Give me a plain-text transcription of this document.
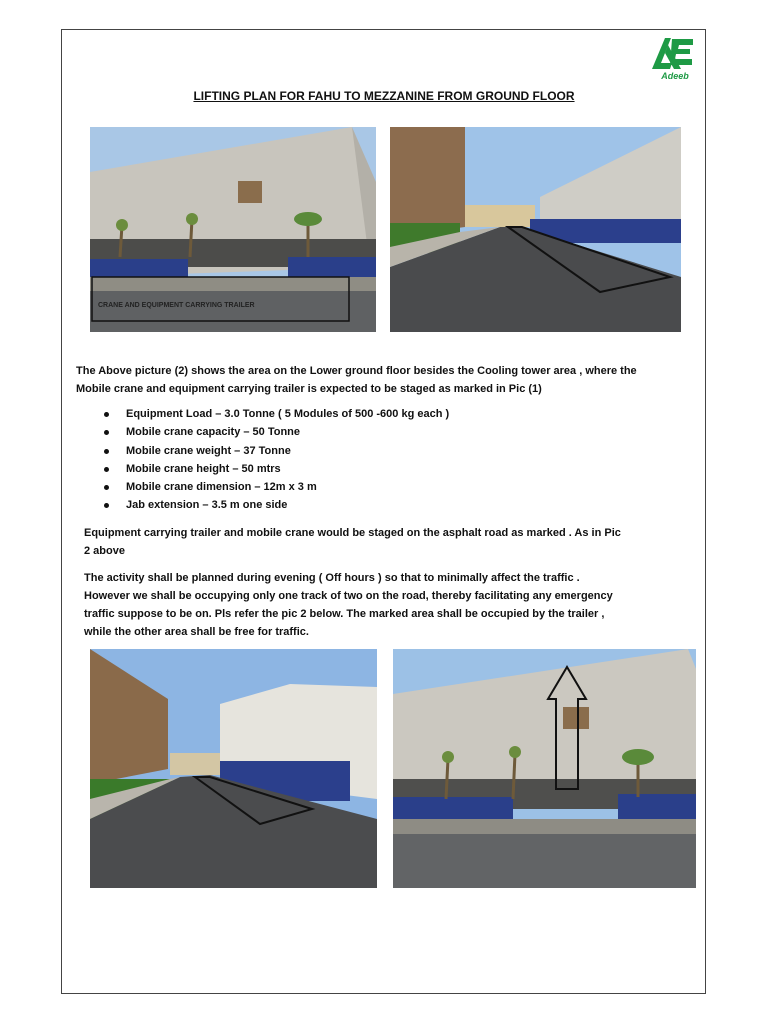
Adeeb
LIFTING PLAN FOR FAHU TO MEZZANINE FROM GROUND FLOOR
CRANE AND EQUIPMENT CARRYING TRAILER
The Above picture (2) shows the area on the Lower ground floor besides the Cooling tower area , where the
Mobile crane and equipment carrying trailer is expected to be staged as marked in Pic (1)
Equipment Load – 3.0 Tonne ( 5 Modules of 500 -600 kg each )
Mobile crane capacity – 50 Tonne
Mobile crane weight – 37 Tonne
Mobile crane height – 50 mtrs
Mobile crane dimension – 12m x 3 m
Jab extension – 3.5 m one side
Equipment carrying trailer and mobile crane would be staged on the asphalt road as marked . As in Pic
2 above
The activity shall be planned during evening ( Off hours ) so that to minimally affect the traffic .
However we shall be occupying only one track of two on the road, thereby facilitating any emergency
traffic suppose to be on. Pls refer the pic 2 below. The marked area shall be occupied by the trailer ,
while the other area shall be free for traffic.
